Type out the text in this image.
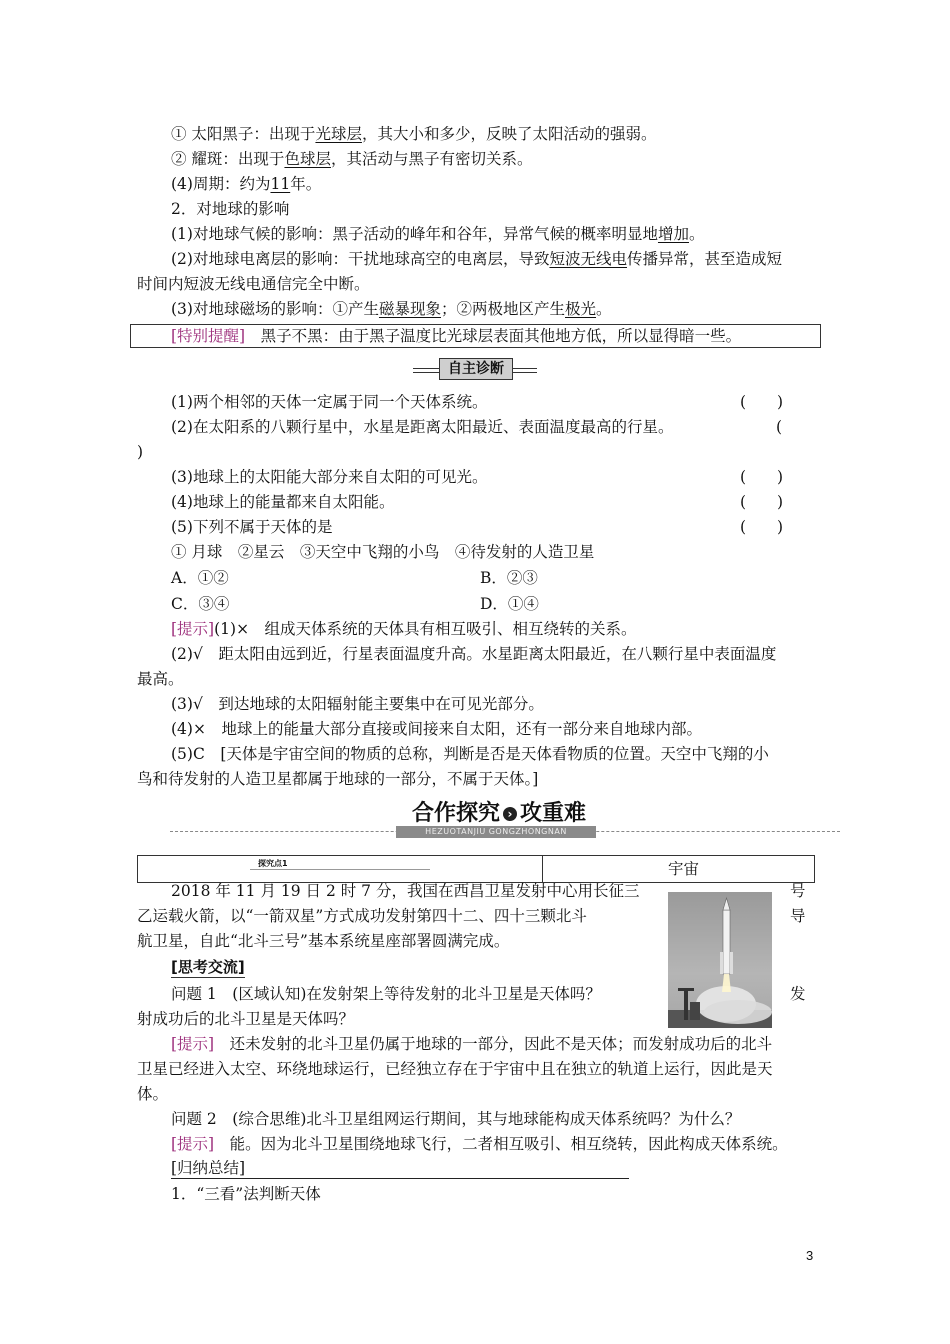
① 太阳黑子：出现于光球层，其大小和多少，反映了太阳活动的强弱。
② 耀斑：出现于色球层，其活动与黑子有密切关系。
(4)周期：约为11年。
2．对地球的影响
(1)对地球气候的影响：黑子活动的峰年和谷年，异常气候的概率明显地增加。
(2)对地球电离层的影响：干扰地球高空的电离层，导致短波无线电传播异常，甚至造成短
时间内短波无线电通信完全中断。
(3)对地球磁场的影响：①产生磁暴现象；②两极地区产生极光。
[特别提醒]　黑子不黑：由于黑子温度比光球层表面其他地方低，所以显得暗一些。
自主诊断
(1)两个相邻的天体一定属于同一个天体系统。	(　　)
(2)在太阳系的八颗行星中，水星是距离太阳最近、表面温度最高的行星。	(
)
(3)地球上的太阳能大部分来自太阳的可见光。	(　　)
(4)地球上的能量都来自太阳能。	(　　)
(5)下列不属于天体的是	(　　)
① 月球　②星云　③天空中飞翔的小鸟　④待发射的人造卫星
A．①②	B．②③
C．③④	D．①④
[提示](1)×　组成天体系统的天体具有相互吸引、相互绕转的关系。
(2)√　距太阳由远到近，行星表面温度升高。水星距离太阳最近，在八颗行星中表面温度
最高。
(3)√　到达地球的太阳辐射能主要集中在可见光部分。
(4)×　地球上的能量大部分直接或间接来自太阳，还有一部分来自地球内部。
(5)C　[天体是宇宙空间的物质的总称，判断是否是天体看物质的位置。天空中飞翔的小
鸟和待发射的人造卫星都属于地球的一部分，不属于天体。]
合作探究 › 攻重难
HEZUOTANJIU GONGZHONGNAN
探究点1	宇宙
2018 年 11 月 19 日 2 时 7 分，我国在西昌卫星发射中心用长征三	号
乙运载火箭，以“一箭双星”方式成功发射第四十二、四十三颗北斗	导
航卫星，自此“北斗三号”基本系统星座部署圆满完成。
[思考交流]
问题 1　(区域认知)在发射架上等待发射的北斗卫星是天体吗？	发
射成功后的北斗卫星是天体吗？
[提示]　还未发射的北斗卫星仍属于地球的一部分，因此不是天体；而发射成功后的北斗
卫星已经进入太空、环绕地球运行，已经独立存在于宇宙中且在独立的轨道上运行，因此是天
体。
问题 2　(综合思维)北斗卫星组网运行期间，其与地球能构成天体系统吗？为什么？
[提示]　能。因为北斗卫星围绕地球飞行，二者相互吸引、相互绕转，因此构成天体系统。
[归纳总结]
1．“三看”法判断天体
3
